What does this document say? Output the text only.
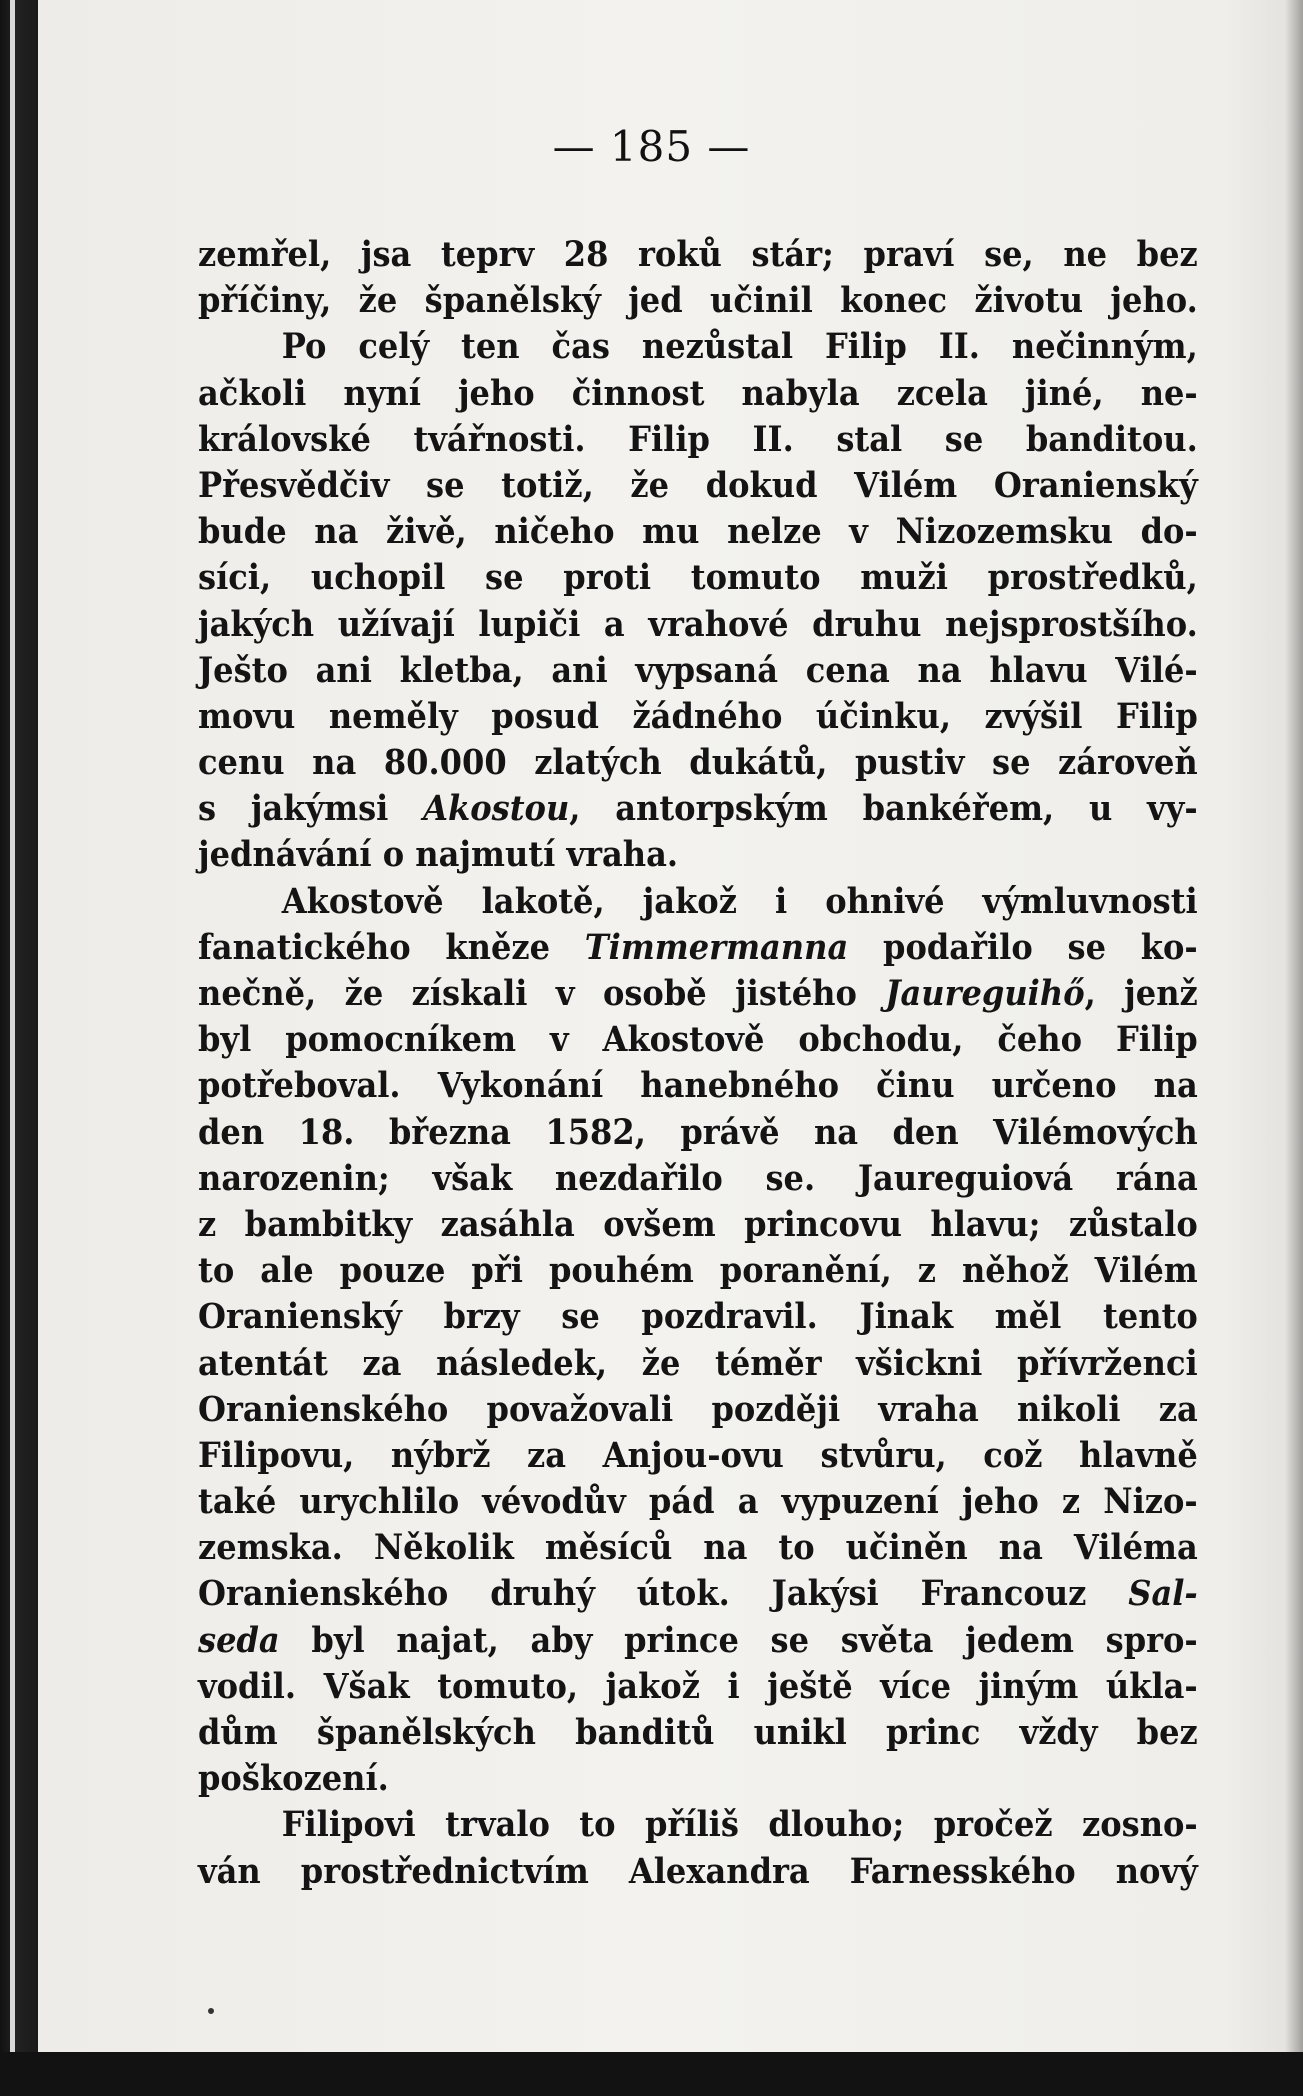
— 185 —
zemřel, jsa teprv 28 roků stár; praví se, ne bez
příčiny, že španělský jed učinil konec životu jeho.
Po celý ten čas nezůstal Filip II. nečinným,
ačkoli nyní jeho činnost nabyla zcela jiné, ne-
královské tvářnosti. Filip II. stal se banditou.
Přesvědčiv se totiž, že dokud Vilém Oranienský
bude na živě, ničeho mu nelze v Nizozemsku do-
síci, uchopil se proti tomuto muži prostředků,
jakých užívají lupiči a vrahové druhu nejsprostšího.
Ješto ani kletba, ani vypsaná cena na hlavu Vilé-
movu neměly posud žádného účinku, zvýšil Filip
cenu na 80.000 zlatých dukátů, pustiv se zároveň
s jakýmsi Akostou, antorpským bankéřem, u vy-
jednávání o najmutí vraha.
Akostově lakotě, jakož i ohnivé výmluvnosti
fanatického kněze Timmermanna podařilo se ko-
nečně, že získali v osobě jistého Jaureguihő, jenž
byl pomocníkem v Akostově obchodu, čeho Filip
potřeboval. Vykonání hanebného činu určeno na
den 18. března 1582, právě na den Vilémových
narozenin; však nezdařilo se. Jaureguiová rána
z bambitky zasáhla ovšem princovu hlavu; zůstalo
to ale pouze při pouhém poranění, z něhož Vilém
Oranienský brzy se pozdravil. Jinak měl tento
atentát za následek, že téměr všickni přívrženci
Oranienského považovali později vraha nikoli za
Filipovu, nýbrž za Anjou-ovu stvůru, což hlavně
také urychlilo vévodův pád a vypuzení jeho z Nizo-
zemska. Několik měsíců na to učiněn na Viléma
Oranienského druhý útok. Jakýsi Francouz Sal-
seda byl najat, aby prince se světa jedem spro-
vodil. Však tomuto, jakož i ještě více jiným úkla-
dům španělských banditů unikl princ vždy bez
poškození.
Filipovi trvalo to příliš dlouho; pročež zosno-
ván prostřednictvím Alexandra Farnesského nový
